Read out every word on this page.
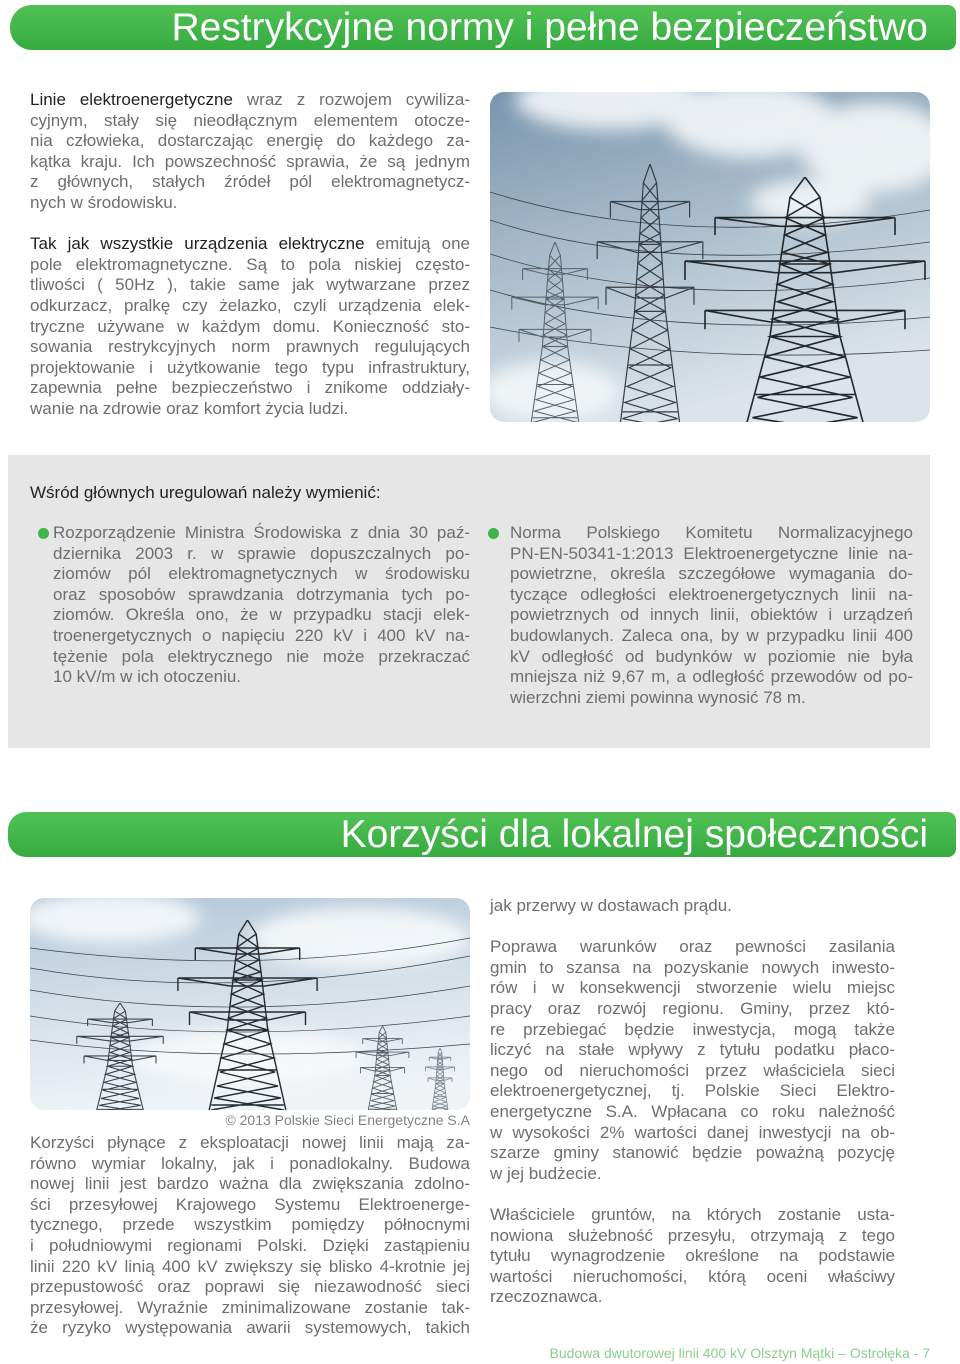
Restrykcyjne normy i pełne bezpieczeństwo
Linie elektroenergetyczne wraz z rozwojem cywiliza-
cyjnym, stały się nieodłącznym elementem otocze-
nia człowieka, dostarczając energię do każdego za-
kątka kraju. Ich powszechność sprawia, że są jednym
z głównych, stałych źródeł pól elektromagnetycz-
nych w środowisku.
Tak jak wszystkie urządzenia elektryczne emitują one
pole elektromagnetyczne. Są to pola niskiej często-
tliwości ( 50Hz ), takie same jak wytwarzane przez
odkurzacz, pralkę czy żelazko, czyli urządzenia elek-
tryczne używane w każdym domu. Konieczność sto-
sowania restrykcyjnych norm prawnych regulujących
projektowanie i użytkowanie tego typu infrastruktury,
zapewnia pełne bezpieczeństwo i znikome oddziały-
wanie na zdrowie oraz komfort życia ludzi.
Wśród głównych uregulowań należy wymienić:
Rozporządzenie Ministra Środowiska z dnia 30 paź-
dziernika 2003 r. w sprawie dopuszczalnych po-
ziomów pól elektromagnetycznych w środowisku
oraz sposobów sprawdzania dotrzymania tych po-
ziomów. Określa ono, że w przypadku stacji elek-
troenergetycznych o napięciu 220 kV i 400 kV na-
tężenie pola elektrycznego nie może przekraczać
10 kV/m w ich otoczeniu.
Norma Polskiego Komitetu Normalizacyjnego
PN-EN-50341-1:2013 Elektroenergetyczne linie na-
powietrzne, określa szczegółowe wymagania do-
tyczące odległości elektroenergetycznych linii na-
powietrznych od innych linii, obiektów i urządzeń
budowlanych. Zaleca ona, by w przypadku linii 400
kV odległość od budynków w poziomie nie była
mniejsza niż 9,67 m, a odległość przewodów od po-
wierzchni ziemi powinna wynosić 78 m.
Korzyści dla lokalnej społeczności
© 2013 Polskie Sieci Energetyczne S.A
Korzyści płynące z eksploatacji nowej linii mają za-
równo wymiar lokalny, jak i ponadlokalny. Budowa
nowej linii jest bardzo ważna dla zwiększania zdolno-
ści przesyłowej Krajowego Systemu Elektroenerge-
tycznego, przede wszystkim pomiędzy północnymi
i południowymi regionami Polski. Dzięki zastąpieniu
linii 220 kV linią 400 kV zwiększy się blisko 4-krotnie jej
przepustowość oraz poprawi się niezawodność sieci
przesyłowej. Wyraźnie zminimalizowane zostanie tak-
że ryzyko występowania awarii systemowych, takich
jak przerwy w dostawach prądu.
Poprawa warunków oraz pewności zasilania
gmin to szansa na pozyskanie nowych inwesto-
rów i w konsekwencji stworzenie wielu miejsc
pracy oraz rozwój regionu. Gminy, przez któ-
re przebiegać będzie inwestycja, mogą także
liczyć na stałe wpływy z tytułu podatku płaco-
nego od nieruchomości przez właściciela sieci
elektroenergetycznej, tj. Polskie Sieci Elektro-
energetyczne S.A. Wpłacana co roku należność
w wysokości 2% wartości danej inwestycji na ob-
szarze gminy stanowić będzie poważną pozycję
w jej budżecie.
Właściciele gruntów, na których zostanie usta-
nowiona służebność przesyłu, otrzymają z tego
tytułu wynagrodzenie określone na podstawie
wartości nieruchomości, którą oceni właściwy
rzeczoznawca.
Budowa dwutorowej linii 400 kV Olsztyn Mątki – Ostrołęka - 7
